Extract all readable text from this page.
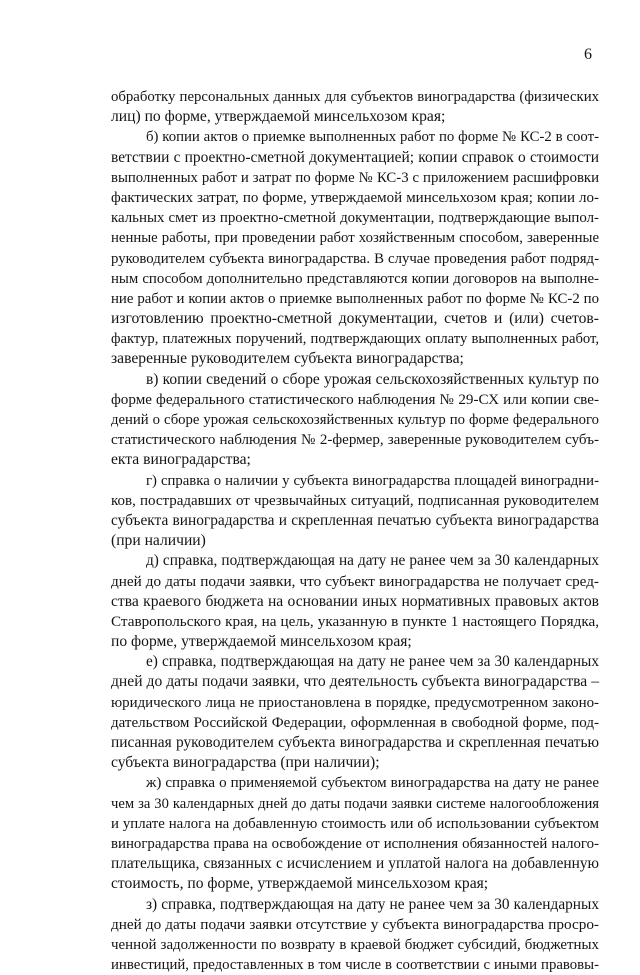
6
обработку персональных данных для субъектов виноградарства (физических
лиц) по форме, утверждаемой минсельхозом края;
б) копии актов о приемке выполненных работ по форме № КС-2 в соот-
ветствии с проектно-сметной документацией; копии справок о стоимости
выполненных работ и затрат по форме № КС-3 с приложением расшифровки
фактических затрат, по форме, утверждаемой минсельхозом края; копии ло-
кальных смет из проектно-сметной документации, подтверждающие выпол-
ненные работы, при проведении работ хозяйственным способом, заверенные
руководителем субъекта виноградарства. В случае проведения работ подряд-
ным способом дополнительно представляются копии договоров на выполне-
ние работ и копии актов о приемке выполненных работ по форме № КС-2 по
изготовлению проектно-сметной документации, счетов и (или) счетов-
фактур, платежных поручений, подтверждающих оплату выполненных работ,
заверенные руководителем субъекта виноградарства;
в) копии сведений о сборе урожая сельскохозяйственных культур по
форме федерального статистического наблюдения № 29-СХ или копии све-
дений о сборе урожая сельскохозяйственных культур по форме федерального
статистического наблюдения № 2-фермер, заверенные руководителем субъ-
екта виноградарства;
г) справка о наличии у субъекта виноградарства площадей виноградни-
ков, пострадавших от чрезвычайных ситуаций, подписанная руководителем
субъекта виноградарства и скрепленная печатью субъекта виноградарства
(при наличии)
д) справка, подтверждающая на дату не ранее чем за 30 календарных
дней до даты подачи заявки, что субъект виноградарства не получает сред-
ства краевого бюджета на основании иных нормативных правовых актов
Ставропольского края, на цель, указанную в пункте 1 настоящего Порядка,
по форме, утверждаемой минсельхозом края;
е) справка, подтверждающая на дату не ранее чем за 30 календарных
дней до даты подачи заявки, что деятельность субъекта виноградарства –
юридического лица не приостановлена в порядке, предусмотренном законо-
дательством Российской Федерации, оформленная в свободной форме, под-
писанная руководителем субъекта виноградарства и скрепленная печатью
субъекта виноградарства (при наличии);
ж) справка о применяемой субъектом виноградарства на дату не ранее
чем за 30 календарных дней до даты подачи заявки системе налогообложения
и уплате налога на добавленную стоимость или об использовании субъектом
виноградарства права на освобождение от исполнения обязанностей налого-
плательщика, связанных с исчислением и уплатой налога на добавленную
стоимость, по форме, утверждаемой минсельхозом края;
з) справка, подтверждающая на дату не ранее чем за 30 календарных
дней до даты подачи заявки отсутствие у субъекта виноградарства просро-
ченной задолженности по возврату в краевой бюджет субсидий, бюджетных
инвестиций, предоставленных в том числе в соответствии с иными правовы-
